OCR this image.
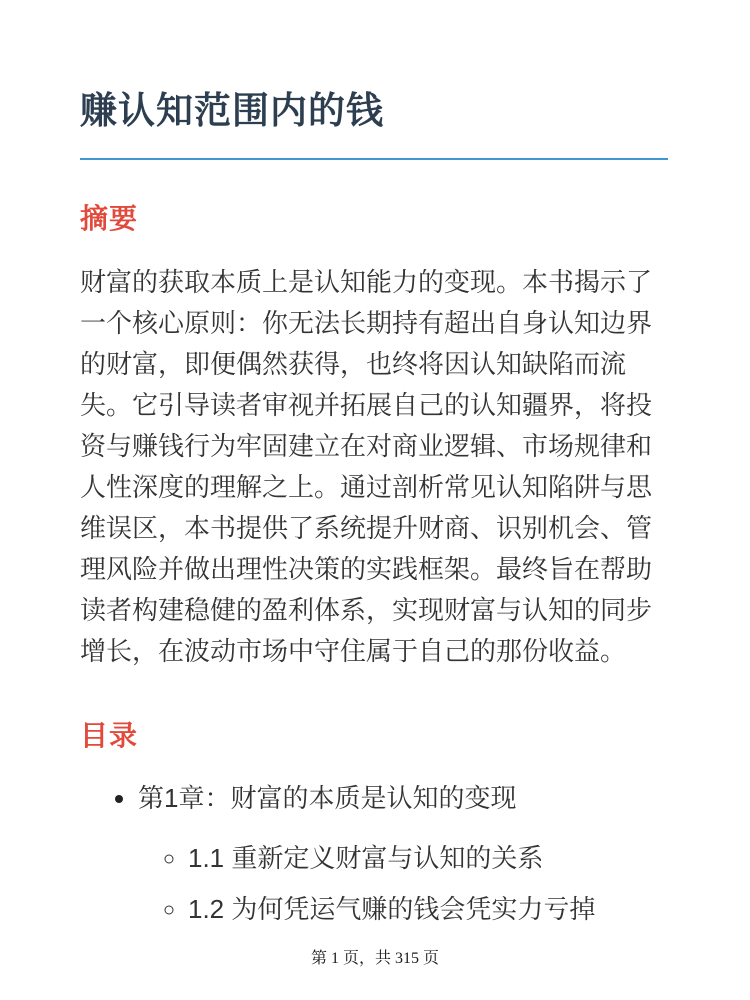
赚认知范围内的钱
摘要

财富的获取本质上是认知能力的变现。本书揭示了一个核心原则：你无法长期持有超出自身认知边界的财富，即便偶然获得，也终将因认知缺陷而流失。它引导读者审视并拓展自己的认知疆界，将投资与赚钱行为牢固建立在对商业逻辑、市场规律和人性深度的理解之上。通过剖析常见认知陷阱与思维误区，本书提供了系统提升财商、识别机会、管理风险并做出理性决策的实践框架。最终旨在帮助读者构建稳健的盈利体系，实现财富与认知的同步增长，在波动市场中守住属于自己的那份收益。

目录
• 第1章：财富的本质是认知的变现
◦ 1.1 重新定义财富与认知的关系
◦ 1.2 为何凭运气赚的钱会凭实力亏掉
第 1 页，共 315 页
